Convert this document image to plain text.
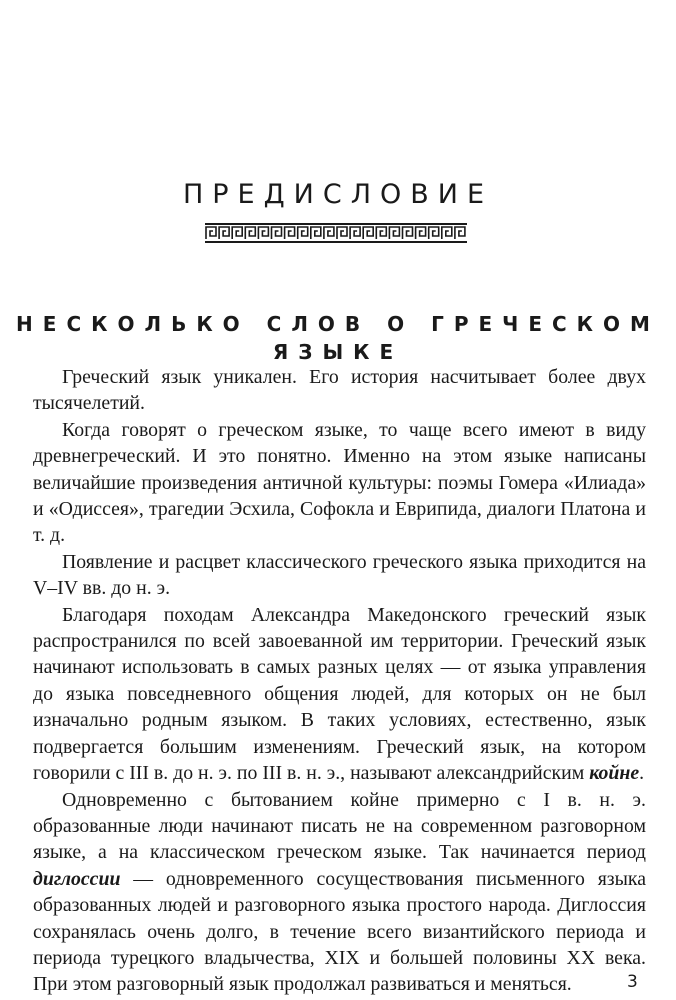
ПРЕДИСЛОВИЕ
НЕСКОЛЬКО СЛОВ О ГРЕЧЕСКОМ ЯЗЫКЕ

Греческий язык уникален. Его история насчитывает более двух тысячелетий.

Когда говорят о греческом языке, то чаще всего имеют в виду древнегреческий. И это понятно. Именно на этом языке написаны величайшие произведения античной культуры: поэмы Гомера «Илиада» и «Одиссея», трагедии Эсхила, Софокла и Еврипида, диалоги Платона и т. д.

Появление и расцвет классического греческого языка приходится на V–IV вв. до н. э.

Благодаря походам Александра Македонского греческий язык распространился по всей завоеванной им территории. Греческий язык начинают использовать в самых разных целях — от языка управления до языка повседневного общения людей, для которых он не был изначально родным языком. В таких условиях, естественно, язык подвергается большим изменениям. Греческий язык, на котором говорили с III в. до н. э. по III в. н. э., называют александрийским койне.

Одновременно с бытованием койне примерно с I в. н. э. образованные люди начинают писать не на современном разговорном языке, а на классическом греческом языке. Так начинается период диглоссии — одновременного сосуществования письменного языка образованных людей и разговорного языка простого народа. Диглоссия сохранялась очень долго, в течение всего византийского периода и периода турецкого владычества, XIX и большей половины XX века. При этом разговорный язык продолжал развиваться и меняться.	3
